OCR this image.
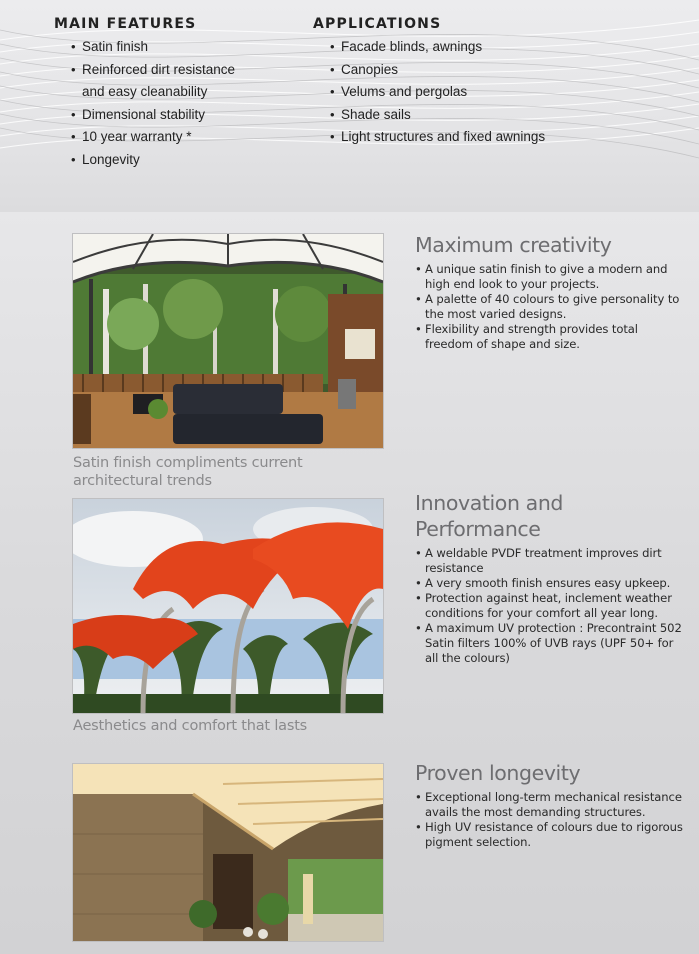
MAIN FEATURES
• Satin finish
• Reinforced dirt resistance
and easy cleanability
• Dimensional stability
• 10 year warranty *
• Longevity
APPLICATIONS
• Facade blinds, awnings
• Canopies
• Velums and pergolas
• Shade sails
• Light structures and fixed awnings
Satin finish compliments current architectural trends
Maximum creativity
• A unique satin finish to give a modern and high end look to your projects.
• A palette of 40 colours to give personality to the most varied designs.
• Flexibility and strength provides total freedom of shape and size.
Aesthetics and comfort that lasts
Innovation and Performance
• A weldable PVDF treatment improves dirt resistance
• A very smooth finish ensures easy upkeep.
• Protection against heat, inclement weather conditions for your comfort all year long.
• A maximum UV protection : Precontraint 502 Satin filters 100% of UVB rays (UPF 50+ for all the colours)
Proven longevity
• Exceptional long-term mechanical resistance avails the most demanding structures.
• High UV resistance of colours due to rigorous pigment selection.
